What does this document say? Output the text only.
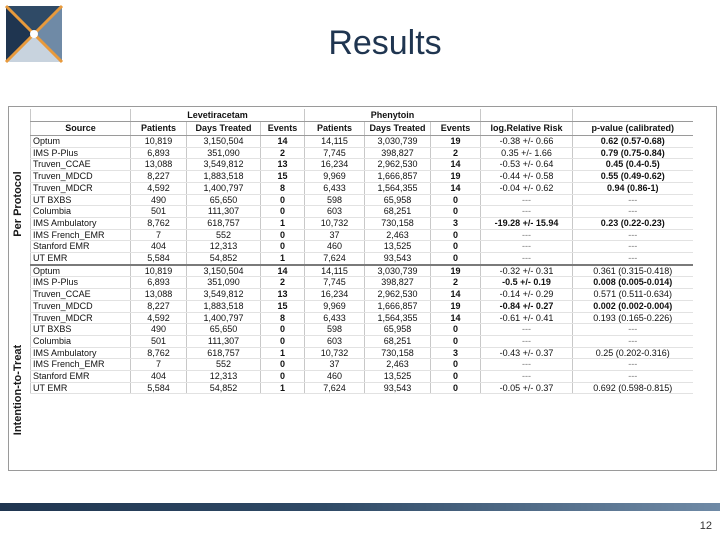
Results
Per Protocol
Intention-to-Treat
	Levetiracetam			Phenytoin				
Source	Patients	Days Treated	Events	Patients	Days Treated	Events	log.Relative Risk	p-value (calibrated)
Optum	10,819	3,150,504	14	14,115	3,030,739	19	-0.38 +/- 0.66	0.62 (0.57-0.68)
IMS P-Plus	6,893	351,090	2	7,745	398,827	2	0.35 +/- 1.66	0.79 (0.75-0.84)
Truven_CCAE	13,088	3,549,812	13	16,234	2,962,530	14	-0.53 +/- 0.64	0.45 (0.4-0.5)
Truven_MDCD	8,227	1,883,518	15	9,969	1,666,857	19	-0.44 +/- 0.58	0.55 (0.49-0.62)
Truven_MDCR	4,592	1,400,797	8	6,433	1,564,355	14	-0.04 +/- 0.62	0.94 (0.86-1)
UT BXBS	490	65,650	0	598	65,958	0	---	---
Columbia	501	111,307	0	603	68,251	0	---	---
IMS Ambulatory	8,762	618,757	1	10,732	730,158	3	-19.28 +/- 15.94	0.23 (0.22-0.23)
IMS French_EMR	7	552	0	37	2,463	0	---	---
Stanford EMR	404	12,313	0	460	13,525	0	---	---
UT EMR	5,584	54,852	1	7,624	93,543	0	---	---
Optum	10,819	3,150,504	14	14,115	3,030,739	19	-0.32 +/- 0.31	0.361 (0.315-0.418)
IMS P-Plus	6,893	351,090	2	7,745	398,827	2	-0.5 +/- 0.19	0.008 (0.005-0.014)
Truven_CCAE	13,088	3,549,812	13	16,234	2,962,530	14	-0.14 +/- 0.29	0.571 (0.511-0.634)
Truven_MDCD	8,227	1,883,518	15	9,969	1,666,857	19	-0.84 +/- 0.27	0.002 (0.002-0.004)
Truven_MDCR	4,592	1,400,797	8	6,433	1,564,355	14	-0.61 +/- 0.41	0.193 (0.165-0.226)
UT BXBS	490	65,650	0	598	65,958	0	---	---
Columbia	501	111,307	0	603	68,251	0	---	---
IMS Ambulatory	8,762	618,757	1	10,732	730,158	3	-0.43 +/- 0.37	0.25 (0.202-0.316)
IMS French_EMR	7	552	0	37	2,463	0	---	---
Stanford EMR	404	12,313	0	460	13,525	0	---	---
UT EMR	5,584	54,852	1	7,624	93,543	0	-0.05 +/- 0.37	0.692 (0.598-0.815)
12
